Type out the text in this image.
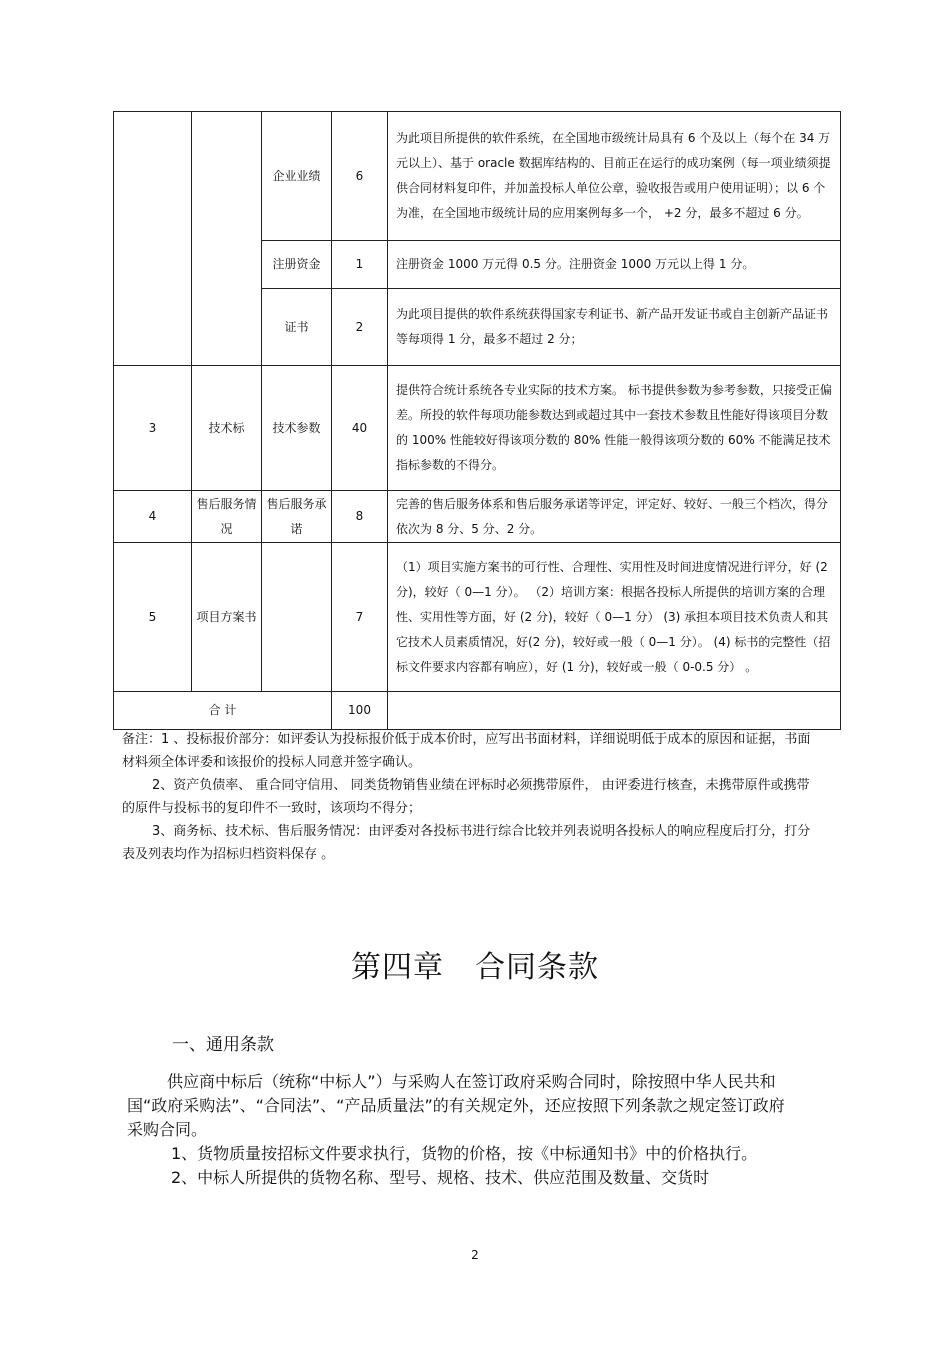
		企业业绩	6	为此项目所提供的软件系统，在全国地市级统计局具有 6 个及以上（每个在 34 万元以上）、基于 oracle 数据库结构的、目前正在运行的成功案例（每一项业绩须提供合同材料复印件，并加盖投标人单位公章，验收报告或用户使用证明）；以 6 个为准，在全国地市级统计局的应用案例每多一个， +2 分，最多不超过 6 分。
		注册资金	1	注册资金 1000 万元得 0.5 分。注册资金 1000 万元以上得 1 分。
		证书	2	为此项目提供的软件系统获得国家专利证书、新产品开发证书或自主创新产品证书等每项得 1 分，最多不超过 2 分；
3	技术标	技术参数	40	提供符合统计系统各专业实际的技术方案。 标书提供参数为参考参数，只接受正偏差。所投的软件每项功能参数达到或超过其中一套技术参数且性能好得该项目分数的 100% 性能较好得该项分数的 80% 性能一般得该项分数的 60% 不能满足技术指标参数的不得分。
4	售后服务情况	售后服务承诺	8	完善的售后服务体系和售后服务承诺等评定，评定好、较好、一般三个档次，得分依次为 8 分、5 分、2 分。
5	项目方案书		7	（1）项目实施方案书的可行性、合理性、实用性及时间进度情况进行评分，好 (2 分)，较好（ 0—1 分）。 （2）培训方案：根据各投标人所提供的培训方案的合理性、实用性等方面，好 (2 分)，较好（ 0—1 分） (3) 承担本项目技术负责人和其它技术人员素质情况，好(2 分)，较好或一般（ 0—1 分）。 (4) 标书的完整性（招标文件要求内容都有响应），好 (1 分)，较好或一般（ 0-0.5 分） 。
合 计			100	

备注：1 、投标报价部分：如评委认为投标报价低于成本价时，应写出书面材料，详细说明低于成本的原因和证据，书面材料须全体评委和该报价的投标人同意并签字确认。

2、资产负债率、 重合同守信用、 同类货物销售业绩在评标时必须携带原件， 由评委进行核查，未携带原件或携带的原件与投标书的复印件不一致时，该项均不得分；

3、商务标、技术标、售后服务情况：由评委对各投标书进行综合比较并列表说明各投标人的响应程度后打分，打分表及列表均作为招标归档资料保存 。

第四章　合同条款
一、通用条款

供应商中标后（统称“中标人”）与采购人在签订政府采购合同时，除按照中华人民共和国“政府采购法”、“合同法”、“产品质量法”的有关规定外，还应按照下列条款之规定签订政府采购合同。

1、货物质量按招标文件要求执行，货物的价格，按《中标通知书》中的价格执行。

2、中标人所提供的货物名称、型号、规格、技术、供应范围及数量、交货时

2
